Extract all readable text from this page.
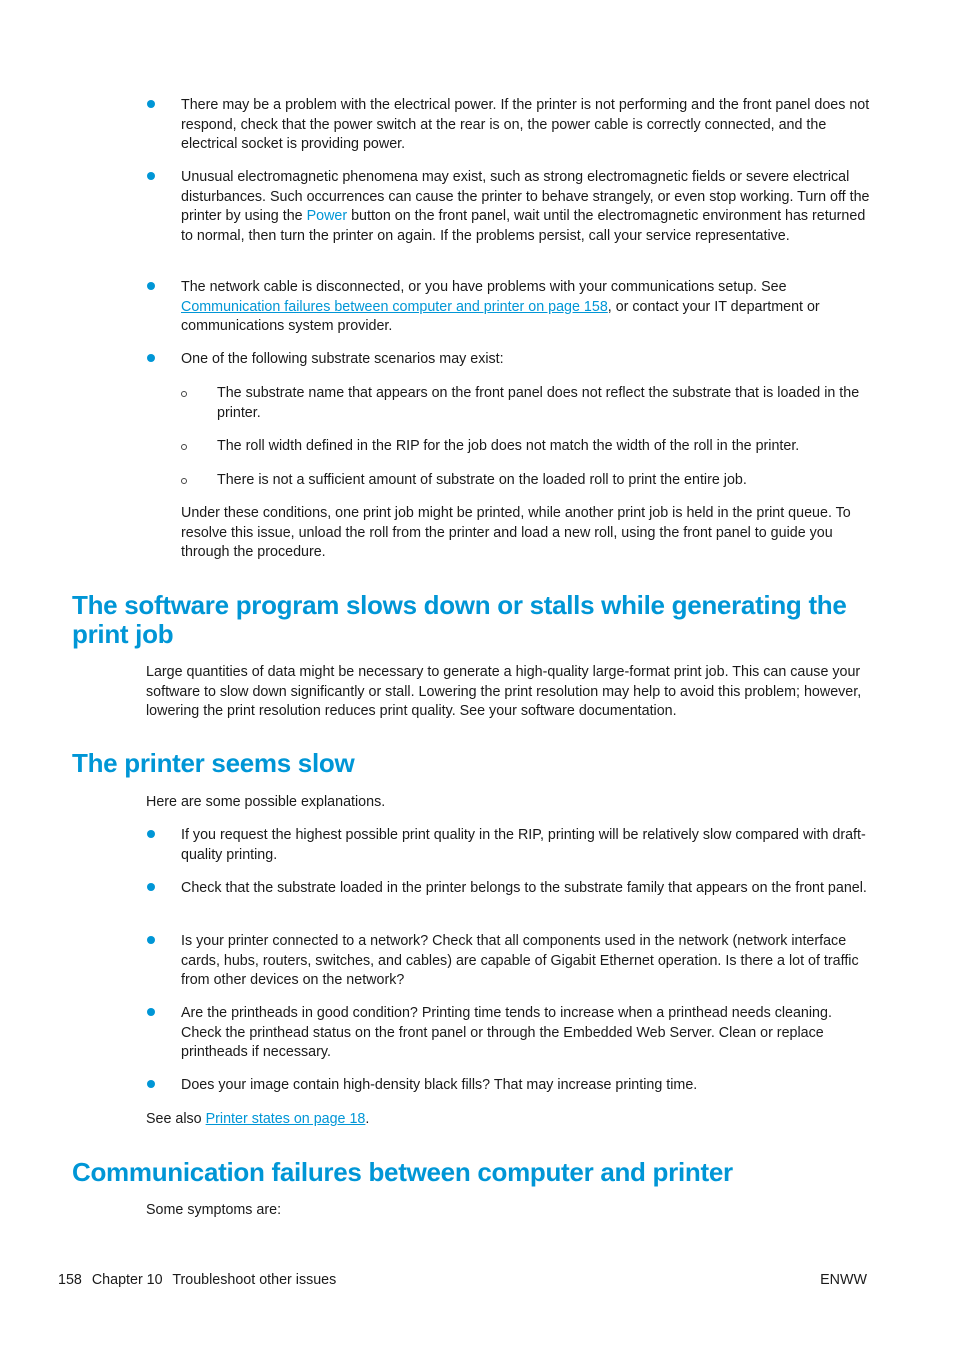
There may be a problem with the electrical power. If the printer is not performing and the front panel does not respond, check that the power switch at the rear is on, the power cable is correctly connected, and the electrical socket is providing power.

Unusual electromagnetic phenomena may exist, such as strong electromagnetic fields or severe electrical disturbances. Such occurrences can cause the printer to behave strangely, or even stop working. Turn off the printer by using the Power button on the front panel, wait until the electromagnetic environment has returned to normal, then turn the printer on again. If the problems persist, call your service representative.

The network cable is disconnected, or you have problems with your communications setup. See Communication failures between computer and printer on page 158, or contact your IT department or communications system provider.

One of the following substrate scenarios may exist:

The substrate name that appears on the front panel does not reflect the substrate that is loaded in the printer.

The roll width defined in the RIP for the job does not match the width of the roll in the printer.

There is not a sufficient amount of substrate on the loaded roll to print the entire job.

Under these conditions, one print job might be printed, while another print job is held in the print queue. To resolve this issue, unload the roll from the printer and load a new roll, using the front panel to guide you through the procedure.

The software program slows down or stalls while generating the print job

Large quantities of data might be necessary to generate a high-quality large-format print job. This can cause your software to slow down significantly or stall. Lowering the print resolution may help to avoid this problem; however, lowering the print resolution reduces print quality. See your software documentation.

The printer seems slow

Here are some possible explanations.

If you request the highest possible print quality in the RIP, printing will be relatively slow compared with draft-quality printing.

Check that the substrate loaded in the printer belongs to the substrate family that appears on the front panel.

Is your printer connected to a network? Check that all components used in the network (network interface cards, hubs, routers, switches, and cables) are capable of Gigabit Ethernet operation. Is there a lot of traffic from other devices on the network?

Are the printheads in good condition? Printing time tends to increase when a printhead needs cleaning. Check the printhead status on the front panel or through the Embedded Web Server. Clean or replace printheads if necessary.

Does your image contain high-density black fills? That may increase printing time.

See also Printer states on page 18.

Communication failures between computer and printer

Some symptoms are:

158 Chapter 10 Troubleshoot other issues	ENWW
